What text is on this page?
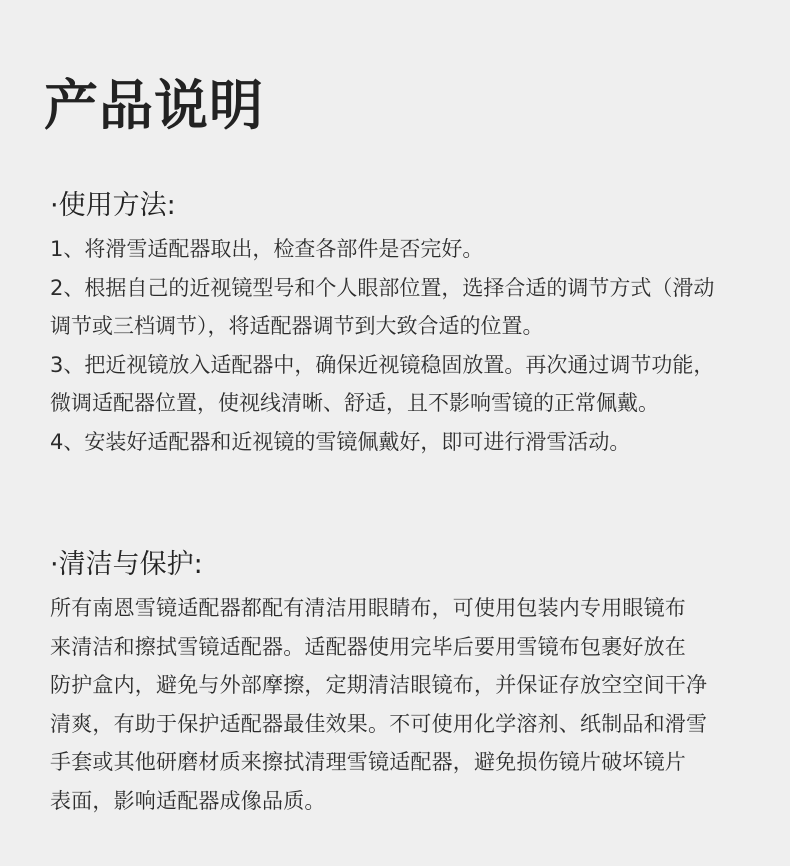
产品说明
·使用方法:
1、将滑雪适配器取出，检查各部件是否完好。
2、根据自己的近视镜型号和个人眼部位置，选择合适的调节方式（滑动
调节或三档调节），将适配器调节到大致合适的位置。
3、把近视镜放入适配器中，确保近视镜稳固放置。再次通过调节功能，
微调适配器位置，使视线清晰、舒适，且不影响雪镜的正常佩戴。
4、安装好适配器和近视镜的雪镜佩戴好，即可进行滑雪活动。
·清洁与保护:
所有南恩雪镜适配器都配有清洁用眼睛布，可使用包装内专用眼镜布
来清洁和擦拭雪镜适配器。适配器使用完毕后要用雪镜布包裹好放在
防护盒内，避免与外部摩擦，定期清洁眼镜布，并保证存放空空间干净
清爽，有助于保护适配器最佳效果。不可使用化学溶剂、纸制品和滑雪
手套或其他研磨材质来擦拭清理雪镜适配器，避免损伤镜片破坏镜片
表面，影响适配器成像品质。
